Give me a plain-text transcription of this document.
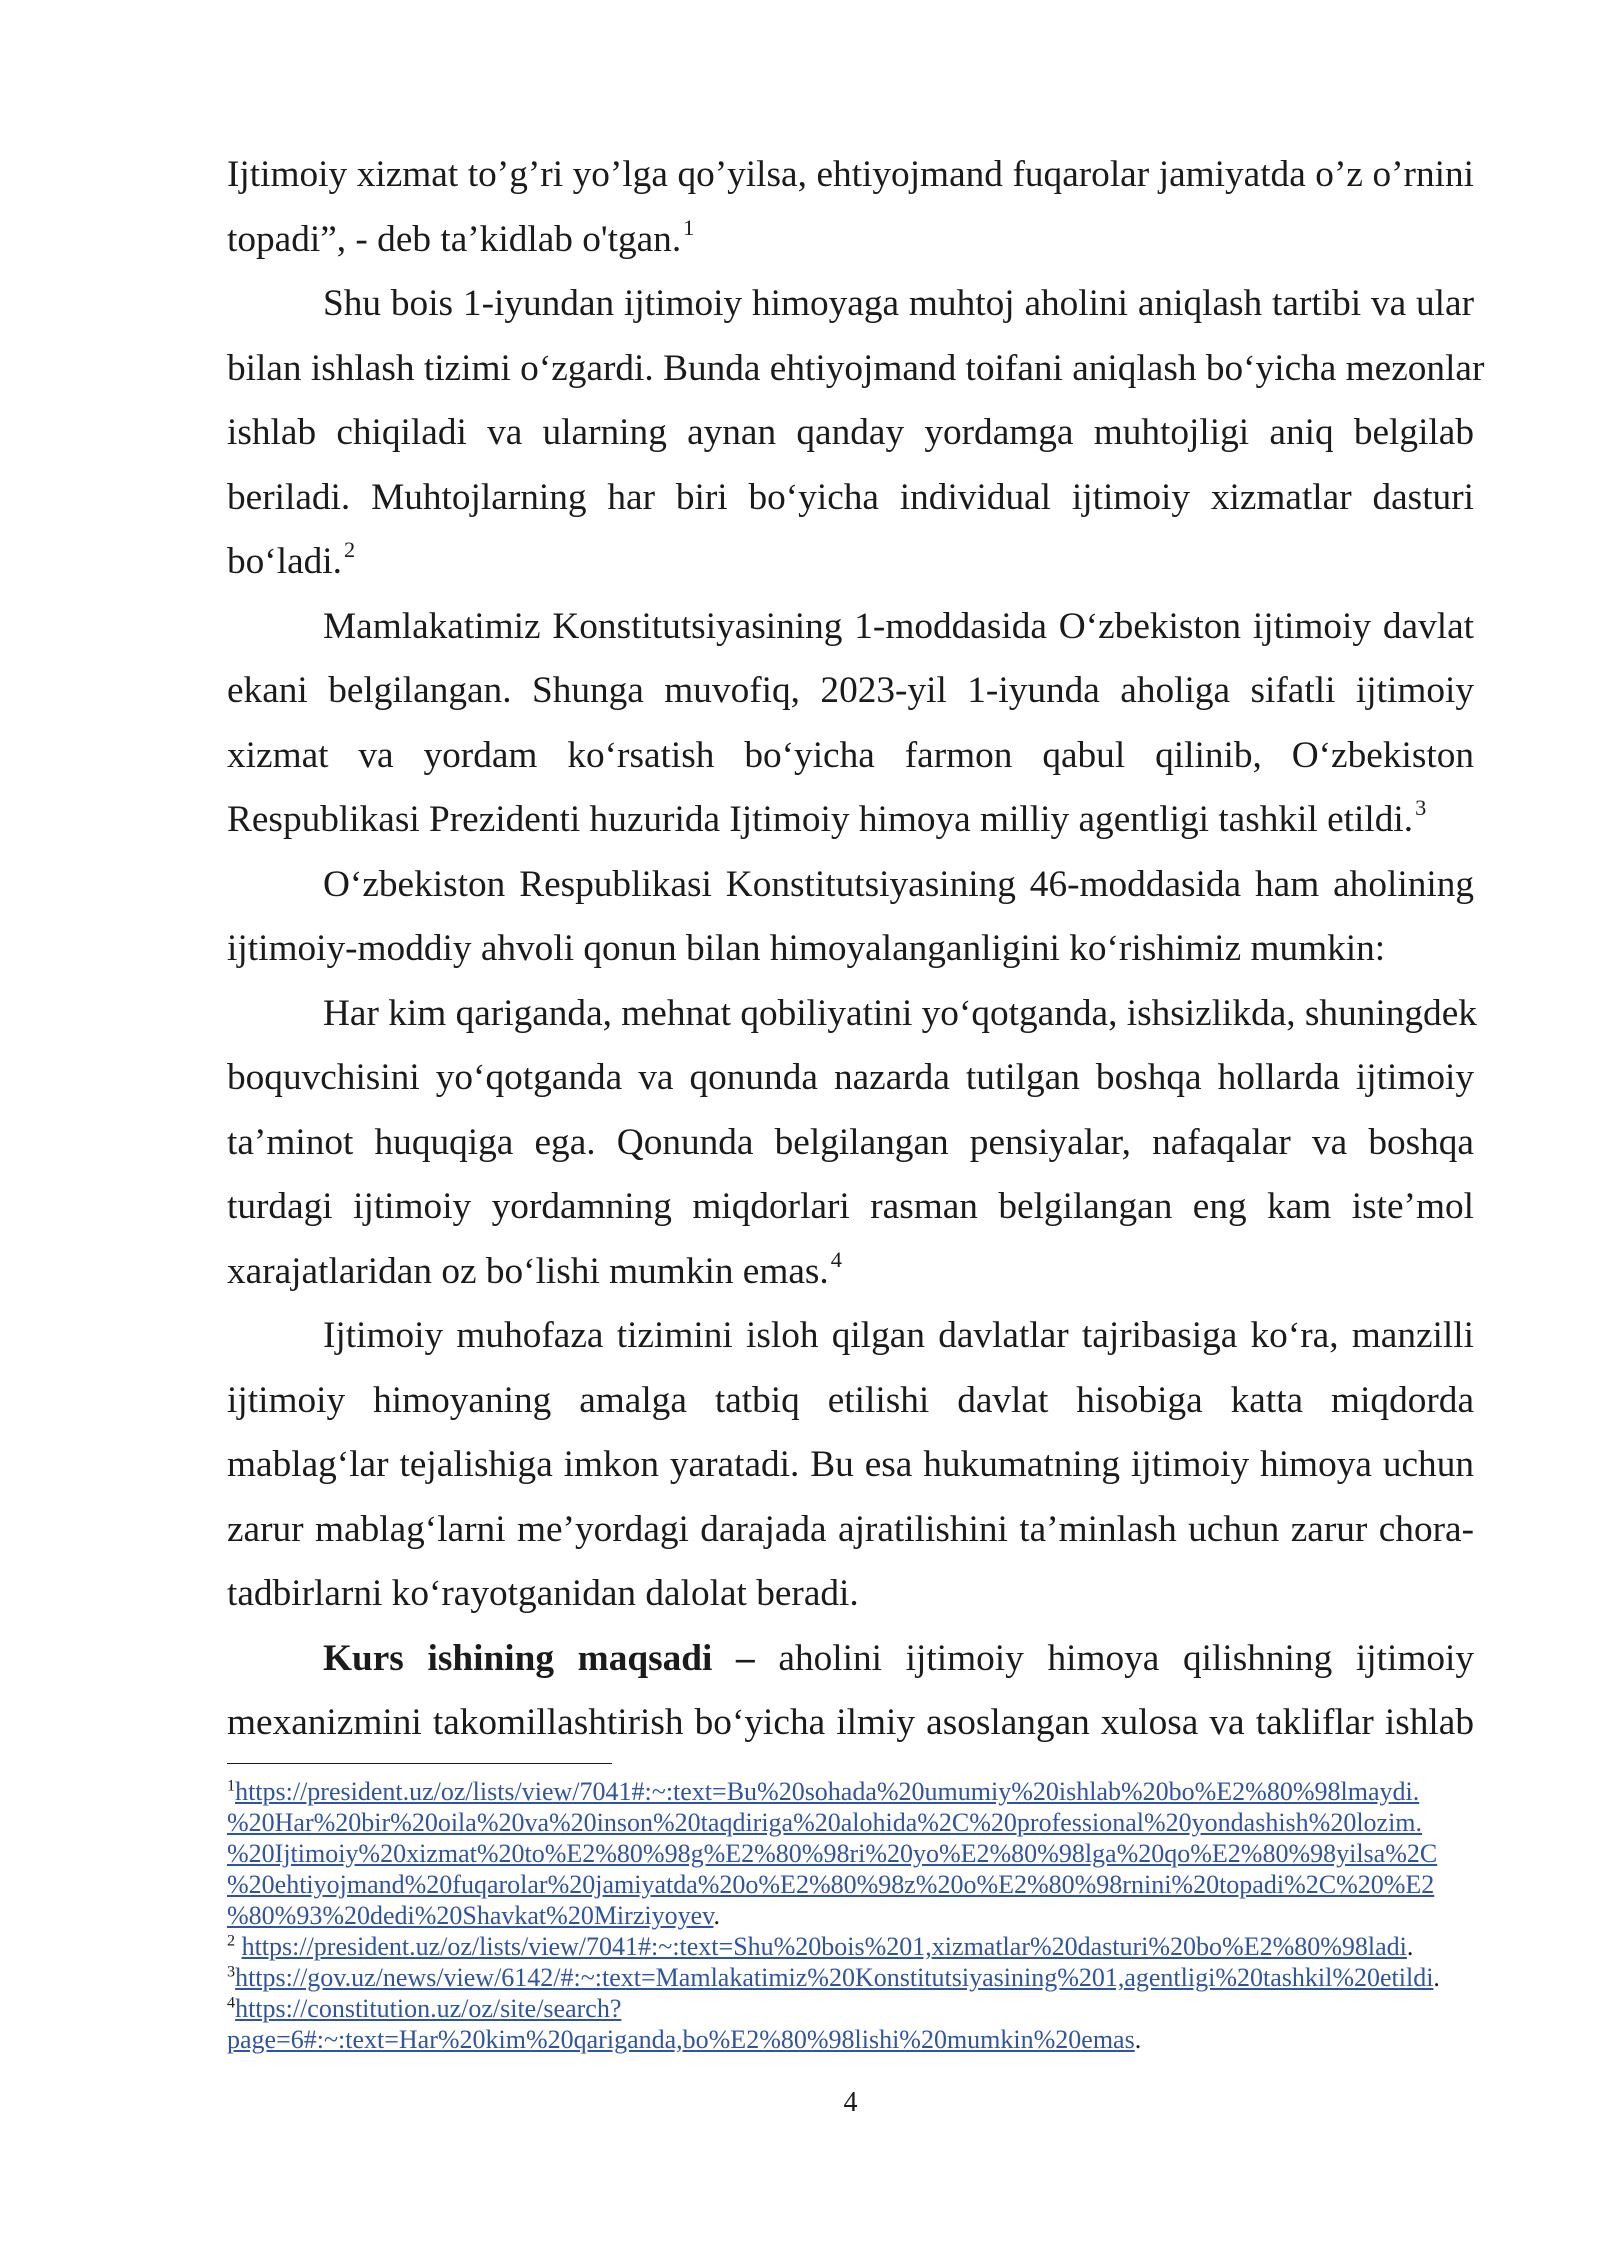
Ijtimoiy xizmat to’g’ri yo’lga qo’yilsa, ehtiyojmand fuqarolar jamiyatda o’z o’rnini
topadi”, - deb ta’kidlab o'tgan.$^1$
Shu bois 1-iyundan ijtimoiy himoyaga muhtoj aholini aniqlash tartibi va ular
bilan ishlash tizimi o‘zgardi. Bunda ehtiyojmand toifani aniqlash bo‘yicha mezonlar
ishlab chiqiladi va ularning aynan qanday yordamga muhtojligi aniq belgilab
beriladi. Muhtojlarning har biri bo‘yicha individual ijtimoiy xizmatlar dasturi
bo‘ladi.$^2$
Mamlakatimiz Konstitutsiyasining 1-moddasida O‘zbekiston ijtimoiy davlat
ekani belgilangan. Shunga muvofiq, 2023-yil 1-iyunda aholiga sifatli ijtimoiy
xizmat va yordam ko‘rsatish bo‘yicha farmon qabul qilinib, O‘zbekiston
Respublikasi Prezidenti huzurida Ijtimoiy himoya milliy agentligi tashkil etildi.$^3$
O‘zbekiston Respublikasi Konstitutsiyasining 46-moddasida ham aholining
ijtimoiy-moddiy ahvoli qonun bilan himoyalanganligini ko‘rishimiz mumkin:
Har kim qariganda, mehnat qobiliyatini yo‘qotganda, ishsizlikda, shuningdek
boquvchisini yo‘qotganda va qonunda nazarda tutilgan boshqa hollarda ijtimoiy
ta’minot huquqiga ega. Qonunda belgilangan pensiyalar, nafaqalar va boshqa
turdagi ijtimoiy yordamning miqdorlari rasman belgilangan eng kam iste’mol
xarajatlaridan oz bo‘lishi mumkin emas.$^4$
Ijtimoiy muhofaza tizimini isloh qilgan davlatlar tajribasiga ko‘ra, manzilli
ijtimoiy himoyaning amalga tatbiq etilishi davlat hisobiga katta miqdorda
mablag‘lar tejalishiga imkon yaratadi. Bu esa hukumatning ijtimoiy himoya uchun
zarur mablag‘larni me’yordagi darajada ajratilishini ta’minlash uchun zarur chora-
tadbirlarni ko‘rayotganidan dalolat beradi.
Kurs ishining maqsadi – aholini ijtimoiy himoya qilishning ijtimoiy
mexanizmini takomillashtirish bo‘yicha ilmiy asoslangan xulosa va takliflar ishlab
$^1$https://president.uz/oz/lists/view/7041#:~:text=Bu%20sohada%20umumiy%20ishlab%20bo%E2%80%98lmaydi.
%20Har%20bir%20oila%20va%20inson%20taqdiriga%20alohida%2C%20professional%20yondashish%20lozim.
%20Ijtimoiy%20xizmat%20to%E2%80%98g%E2%80%98ri%20yo%E2%80%98lga%20qo%E2%80%98yilsa%2C
%20ehtiyojmand%20fuqarolar%20jamiyatda%20o%E2%80%98z%20o%E2%80%98rnini%20topadi%2C%20%E2
%80%93%20dedi%20Shavkat%20Mirziyoyev.
$^2$ https://president.uz/oz/lists/view/7041#:~:text=Shu%20bois%201,xizmatlar%20dasturi%20bo%E2%80%98ladi.
$^3$https://gov.uz/news/view/6142/#:~:text=Mamlakatimiz%20Konstitutsiyasining%201,agentligi%20tashkil%20etildi.
$^4$https://constitution.uz/oz/site/search?
page=6#:~:text=Har%20kim%20qariganda,bo%E2%80%98lishi%20mumkin%20emas.
4
